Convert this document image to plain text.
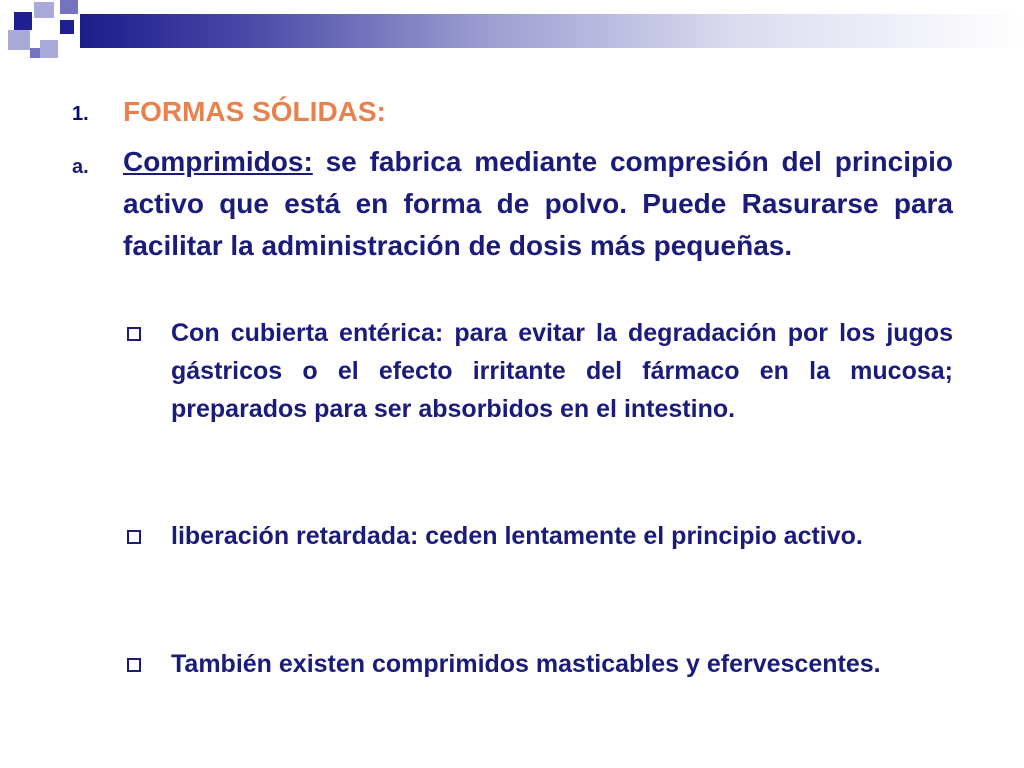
1. FORMAS SÓLIDAS:
a. Comprimidos: se fabrica mediante compresión del principio activo que está en forma de polvo. Puede Rasurarse para facilitar la administración de dosis más pequeñas.
Con cubierta entérica: para evitar la degradación por los jugos gástricos o el efecto irritante del fármaco en la mucosa; preparados para ser absorbidos en el intestino.
liberación retardada: ceden lentamente el principio activo.
También existen comprimidos masticables y efervescentes.
